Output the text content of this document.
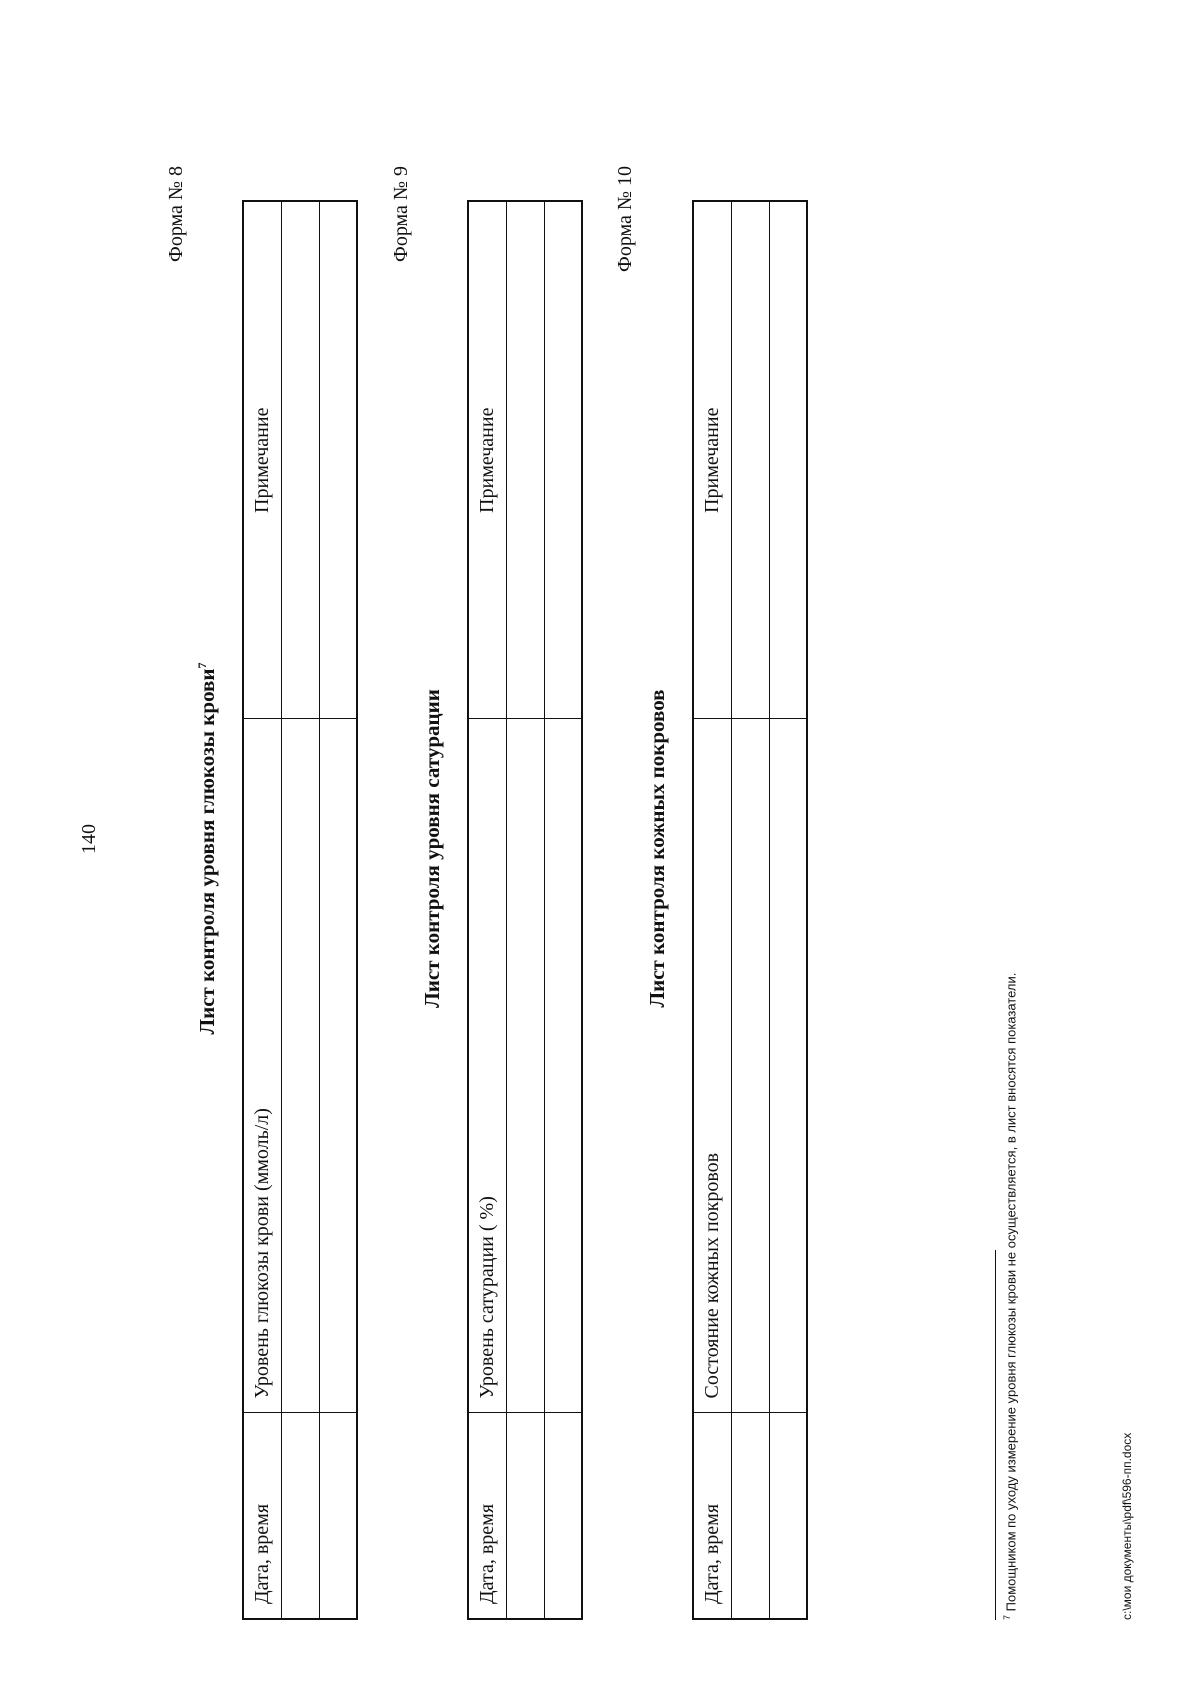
140
Форма № 8
Лист контроля уровня глюкозы крови$^7$
Дата, время	Уровень глюкозы крови (ммоль/л)	Примечание

Форма № 9
Лист контроля уровня сатурации
Дата, время	Уровень сатурации ( %)	Примечание

Форма № 10
Лист контроля кожных покровов
Дата, время	Состояние кожных покровов	Примечание

$^7$ Помощником по уходу измерение уровня глюкозы крови не осуществляется, в лист вносятся показатели.	c:\мои документы\pdf\596-пп.docx
